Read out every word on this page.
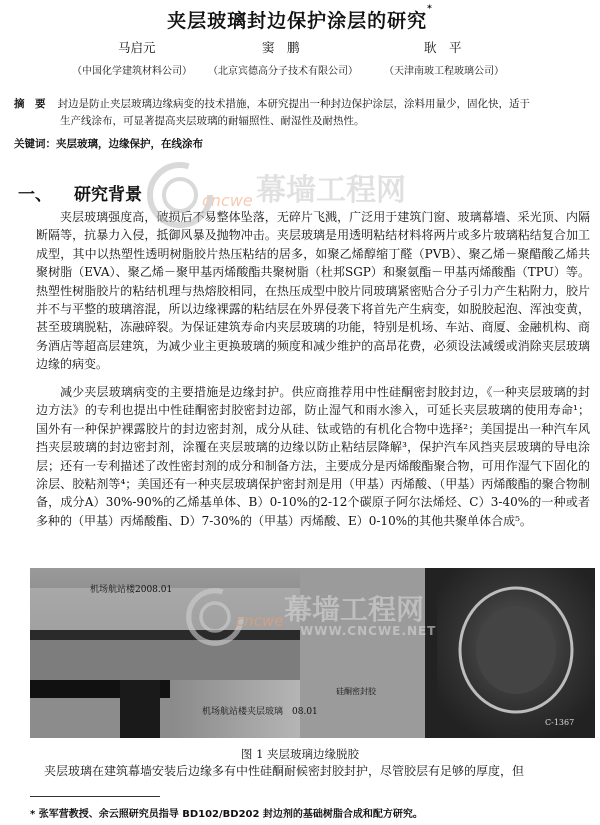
夹层玻璃封边保护涂层的研究*
马启元	窦　鹏	耿　平
（中国化学建筑材料公司） （北京宾德高分子技术有限公司）	（天津南玻工程玻璃公司）
摘　要 封边是防止夹层玻璃边缘病变的技术措施，本研究提出一种封边保护涂层，涂料用量少，固化快，适于
生产线涂布，可显著提高夹层玻璃的耐辐照性、耐湿性及耐热性。
关键词：夹层玻璃，边缘保护，在线涂布
一、 研究背景
夹层玻璃强度高，破损后不易整体坠落，无碎片飞溅，广泛用于建筑门窗、玻璃幕墙、采光顶、内隔断隔等，抗暴力入侵，抵御风暴及抛物冲击。夹层玻璃是用透明粘结材料将两片或多片玻璃粘结复合加工成型，其中以热塑性透明树脂胶片热压粘结的居多，如聚乙烯醇缩丁醛（PVB）、聚乙烯－聚醋酸乙烯共聚树脂（EVA）、聚乙烯－聚甲基丙烯酸酯共聚树脂（杜邦SGP）和聚氨酯－甲基丙烯酸酯（TPU）等。热塑性树脂胶片的粘结机理与热熔胶相同，在热压成型中胶片同玻璃紧密贴合分子引力产生粘附力，胶片并不与平整的玻璃溶混，所以边缘裸露的粘结层在外界侵袭下将首先产生病变，如脱胶起泡、浑浊变黄，甚至玻璃脱粘，冻融碎裂。为保证建筑寿命内夹层玻璃的功能，特别是机场、车站、商厦、金融机构、商务酒店等超高层建筑，为减少业主更换玻璃的频度和减少维护的高昂花费，必须设法减缓或消除夹层玻璃边缘的病变。
减少夹层玻璃病变的主要措施是边缘封护。供应商推荐用中性硅酮密封胶封边，《一种夹层玻璃的封边方法》的专利也提出中性硅酮密封胶密封边部，防止湿气和雨水渗入，可延长夹层玻璃的使用寿命¹；国外有一种保护裸露胶片的封边密封剂，成分从硅、钛或锆的有机化合物中选择²；美国提出一种汽车风挡夹层玻璃的封边密封剂，涂覆在夹层玻璃的边缘以防止粘结层降解³，保护汽车风挡夹层玻璃的导电涂层；还有一专利描述了改性密封剂的成分和制备方法，主要成分是丙烯酸酯聚合物，可用作湿气下固化的涂层、胶粘剂等⁴；美国还有一种夹层玻璃保护密封剂是用（甲基）丙烯酸、（甲基）丙烯酸酯的聚合物制备，成分A）30%-90%的乙烯基单体、B）0-10%的2-12个碳原子阿尔法烯烃、C）3-40%的一种或者多种的（甲基）丙烯酸酯、D）7-30%的（甲基）丙烯酸、E）0-10%的其他共聚单体合成⁵。
机场航站楼2008.01
硅酮密封胶
机场航站楼夹层玻璃　08.01
C-1367
图 1 夹层玻璃边缘脱胶
夹层玻璃在建筑幕墙安装后边缘多有中性硅酮耐候密封胶封护，尽管胶层有足够的厚度，但
* 张军营教授、余云照研究员指导 BD102/BD202 封边剂的基础树脂合成和配方研究。
cncwe 幕墙工程网
cncwe 幕墙工程网
WWW.CNCWE.NET
